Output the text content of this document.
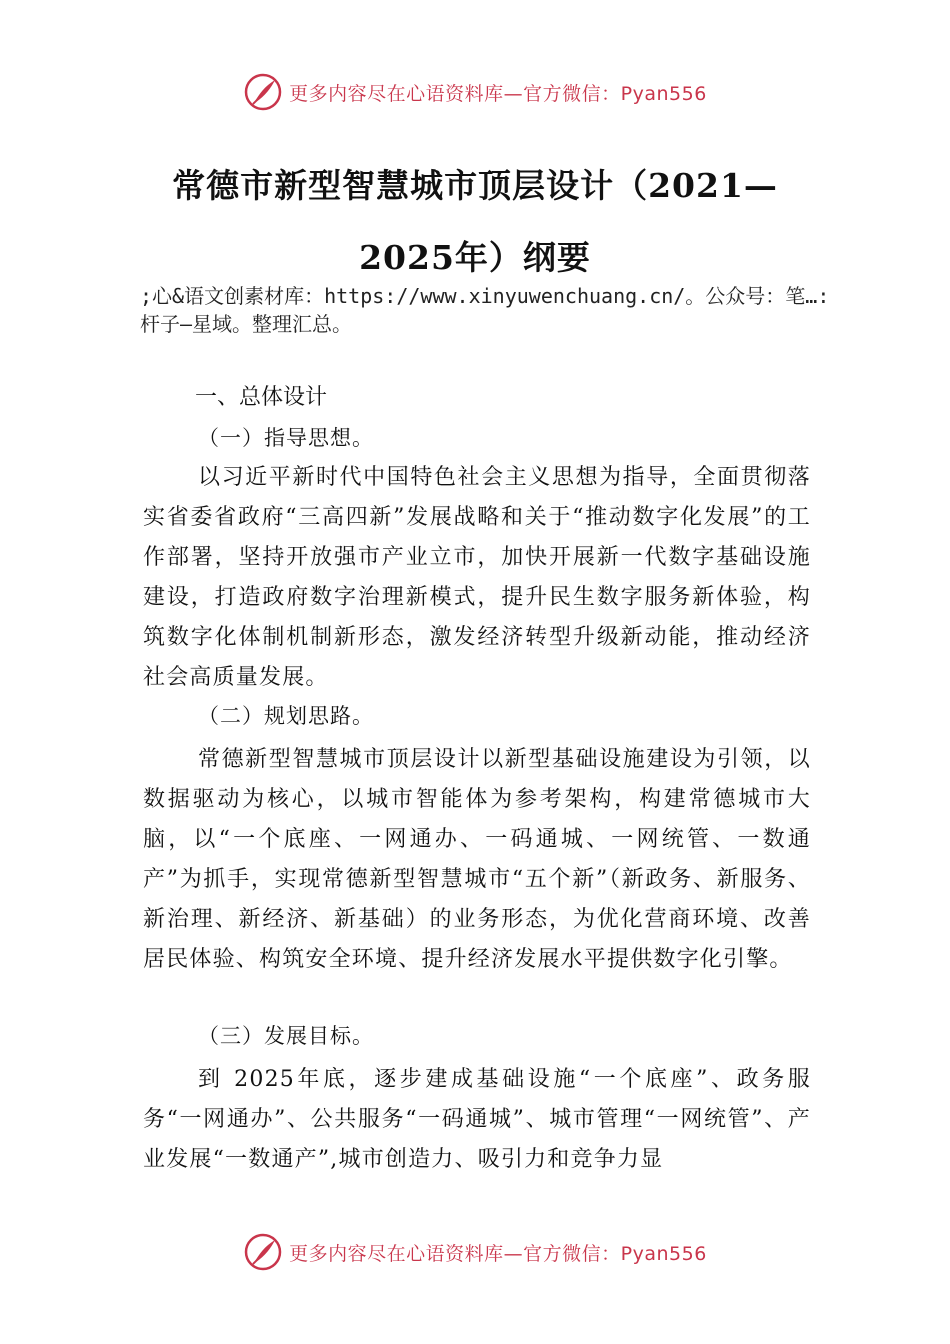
更多内容尽在心语资料库—官方微信：Pyan556
常德市新型智慧城市顶层设计（2021—
2025年）纲要
;心&语文创素材库：https://www.xinyuwenchuang.cn/。公众号：笔…:杆子—星域。整理汇总。
一、总体设计
（一）指导思想。

以习近平新时代中国特色社会主义思想为指导，全面贯彻落实省委省政府“三高四新”发展战略和关于“推动数字化发展”的工作部署，坚持开放强市产业立市，加快开展新一代数字基础设施建设，打造政府数字治理新模式，提升民生数字服务新体验，构筑数字化体制机制新形态，激发经济转型升级新动能，推动经济社会高质量发展。

（二）规划思路。

常德新型智慧城市顶层设计以新型基础设施建设为引领，以数据驱动为核心，以城市智能体为参考架构，构建常德城市大脑，以“一个底座、一网通办、一码通城、一网统管、一数通产”为抓手，实现常德新型智慧城市“五个新”（新政务、新服务、新治理、新经济、新基础）的业务形态，为优化营商环境、改善居民体验、构筑安全环境、提升经济发展水平提供数字化引擎。

（三）发展目标。

到 2025年底，逐步建成基础设施“一个底座”、政务服务“一网通办”、公共服务“一码通城”、城市管理“一网统管”、产业发展“一数通产”,城市创造力、吸引力和竞争力显

更多内容尽在心语资料库—官方微信：Pyan556
